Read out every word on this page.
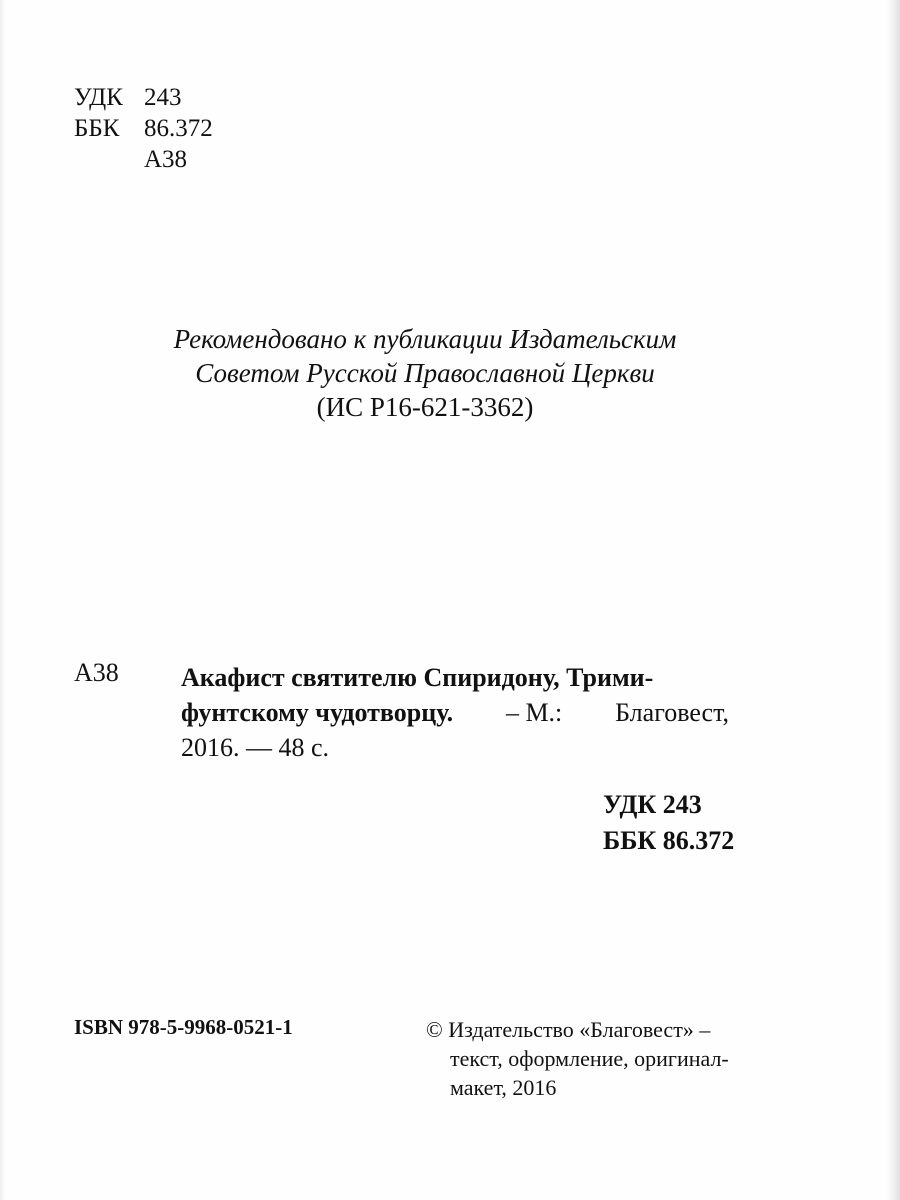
УДК 243
ББК 86.372
А38
Рекомендовано к публикации Издательским
Советом Русской Православной Церкви
(ИС Р16-621-3362)
А38 Акафист святителю Спиридону, Трими-
фунтскому чудотворцу. – М.: Благовест,
2016. — 48 с.
УДК 243
ББК 86.372
ISBN 978-5-9968-0521-1	© Издательство «Благовест» –
текст, оформление, оригинал-
макет, 2016
